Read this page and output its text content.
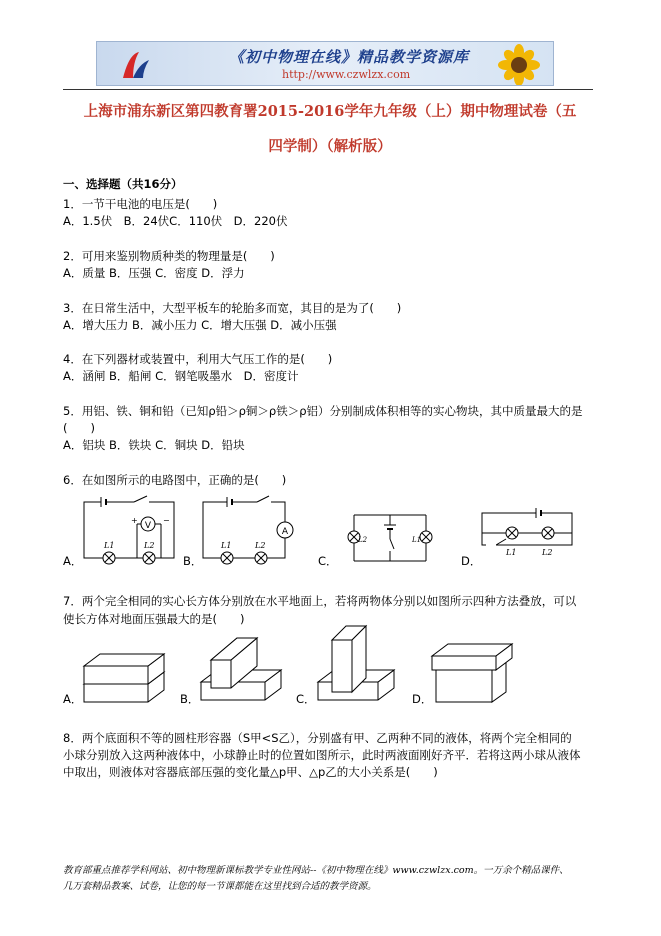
《初中物理在线》精品教学资源库
http://www.czwlzx.com
上海市浦东新区第四教育署2015-2016学年九年级（上）期中物理试卷（五
四学制）（解析版）
一、选择题（共16分）
1．一节干电池的电压是(　　)
A．1.5伏　B．24伏C．110伏　D．220伏
2．可用来鉴别物质种类的物理量是(　　)
A．质量 B．压强 C．密度 D．浮力
3．在日常生活中，大型平板车的轮胎多而宽，其目的是为了(　　)
A．增大压力 B．减小压力 C．增大压强 D．减小压强
4．在下列器材或装置中，利用大气压工作的是(　　)
A．涵闸 B．船闸 C．钢笔吸墨水　D．密度计
5．用铝、铁、铜和铅（已知ρ铅＞ρ铜＞ρ铁＞ρ铝）分别制成体积相等的实心物块，其中质量最大的是
(　　)
A．铝块 B．铁块 C．铜块 D．铅块
6．在如图所示的电路图中，正确的是(　　)
A．
V
+	−
L1	L2
B．
A
L1	L2
C．
L2	L1
D．
L1	L2
7．两个完全相同的实心长方体分别放在水平地面上，若将两物体分别以如图所示四种方法叠放，可以
使长方体对地面压强最大的是(　　)
A．	B．	C．	D．
8．两个底面积不等的圆柱形容器（S甲<S乙），分别盛有甲、乙两种不同的液体，将两个完全相同的
小球分别放入这两种液体中，小球静止时的位置如图所示，此时两液面刚好齐平．若将这两小球从液体
中取出，则液体对容器底部压强的变化量△p甲、△p乙的大小关系是(　　)
教育部重点推荐学科网站、初中物理新课标教学专业性网站--《初中物理在线》www.czwlzx.com。一万余个精品课件、
几万套精品教案、试卷，让您的每一节课都能在这里找到合适的教学资源。
